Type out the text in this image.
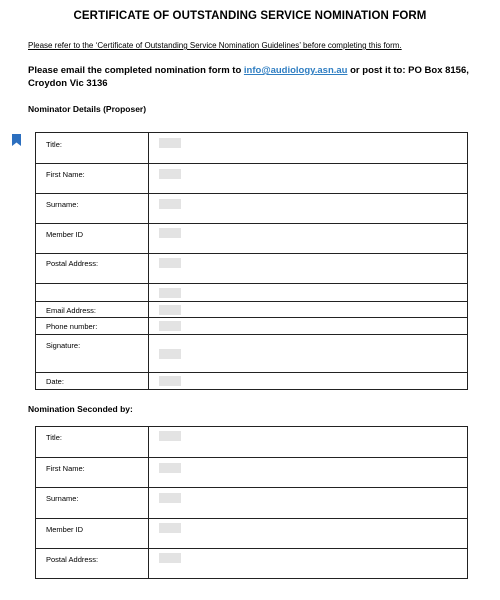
CERTIFICATE OF OUTSTANDING SERVICE NOMINATION FORM
Please refer to the ‘Certificate of Outstanding Service Nomination Guidelines’ before completing this form.
Please email the completed nomination form to info@audiology.asn.au or post it to: PO Box 8156, Croydon Vic 3136
Nominator Details (Proposer)
Title:	

First Name:	

Surname:	

Member ID	

Postal Address:	

Email Address:	

Phone number:	

Signature:	

Date:	

Nomination Seconded by:
Title:	

First Name:	

Surname:	

Member ID	

Postal Address:	
